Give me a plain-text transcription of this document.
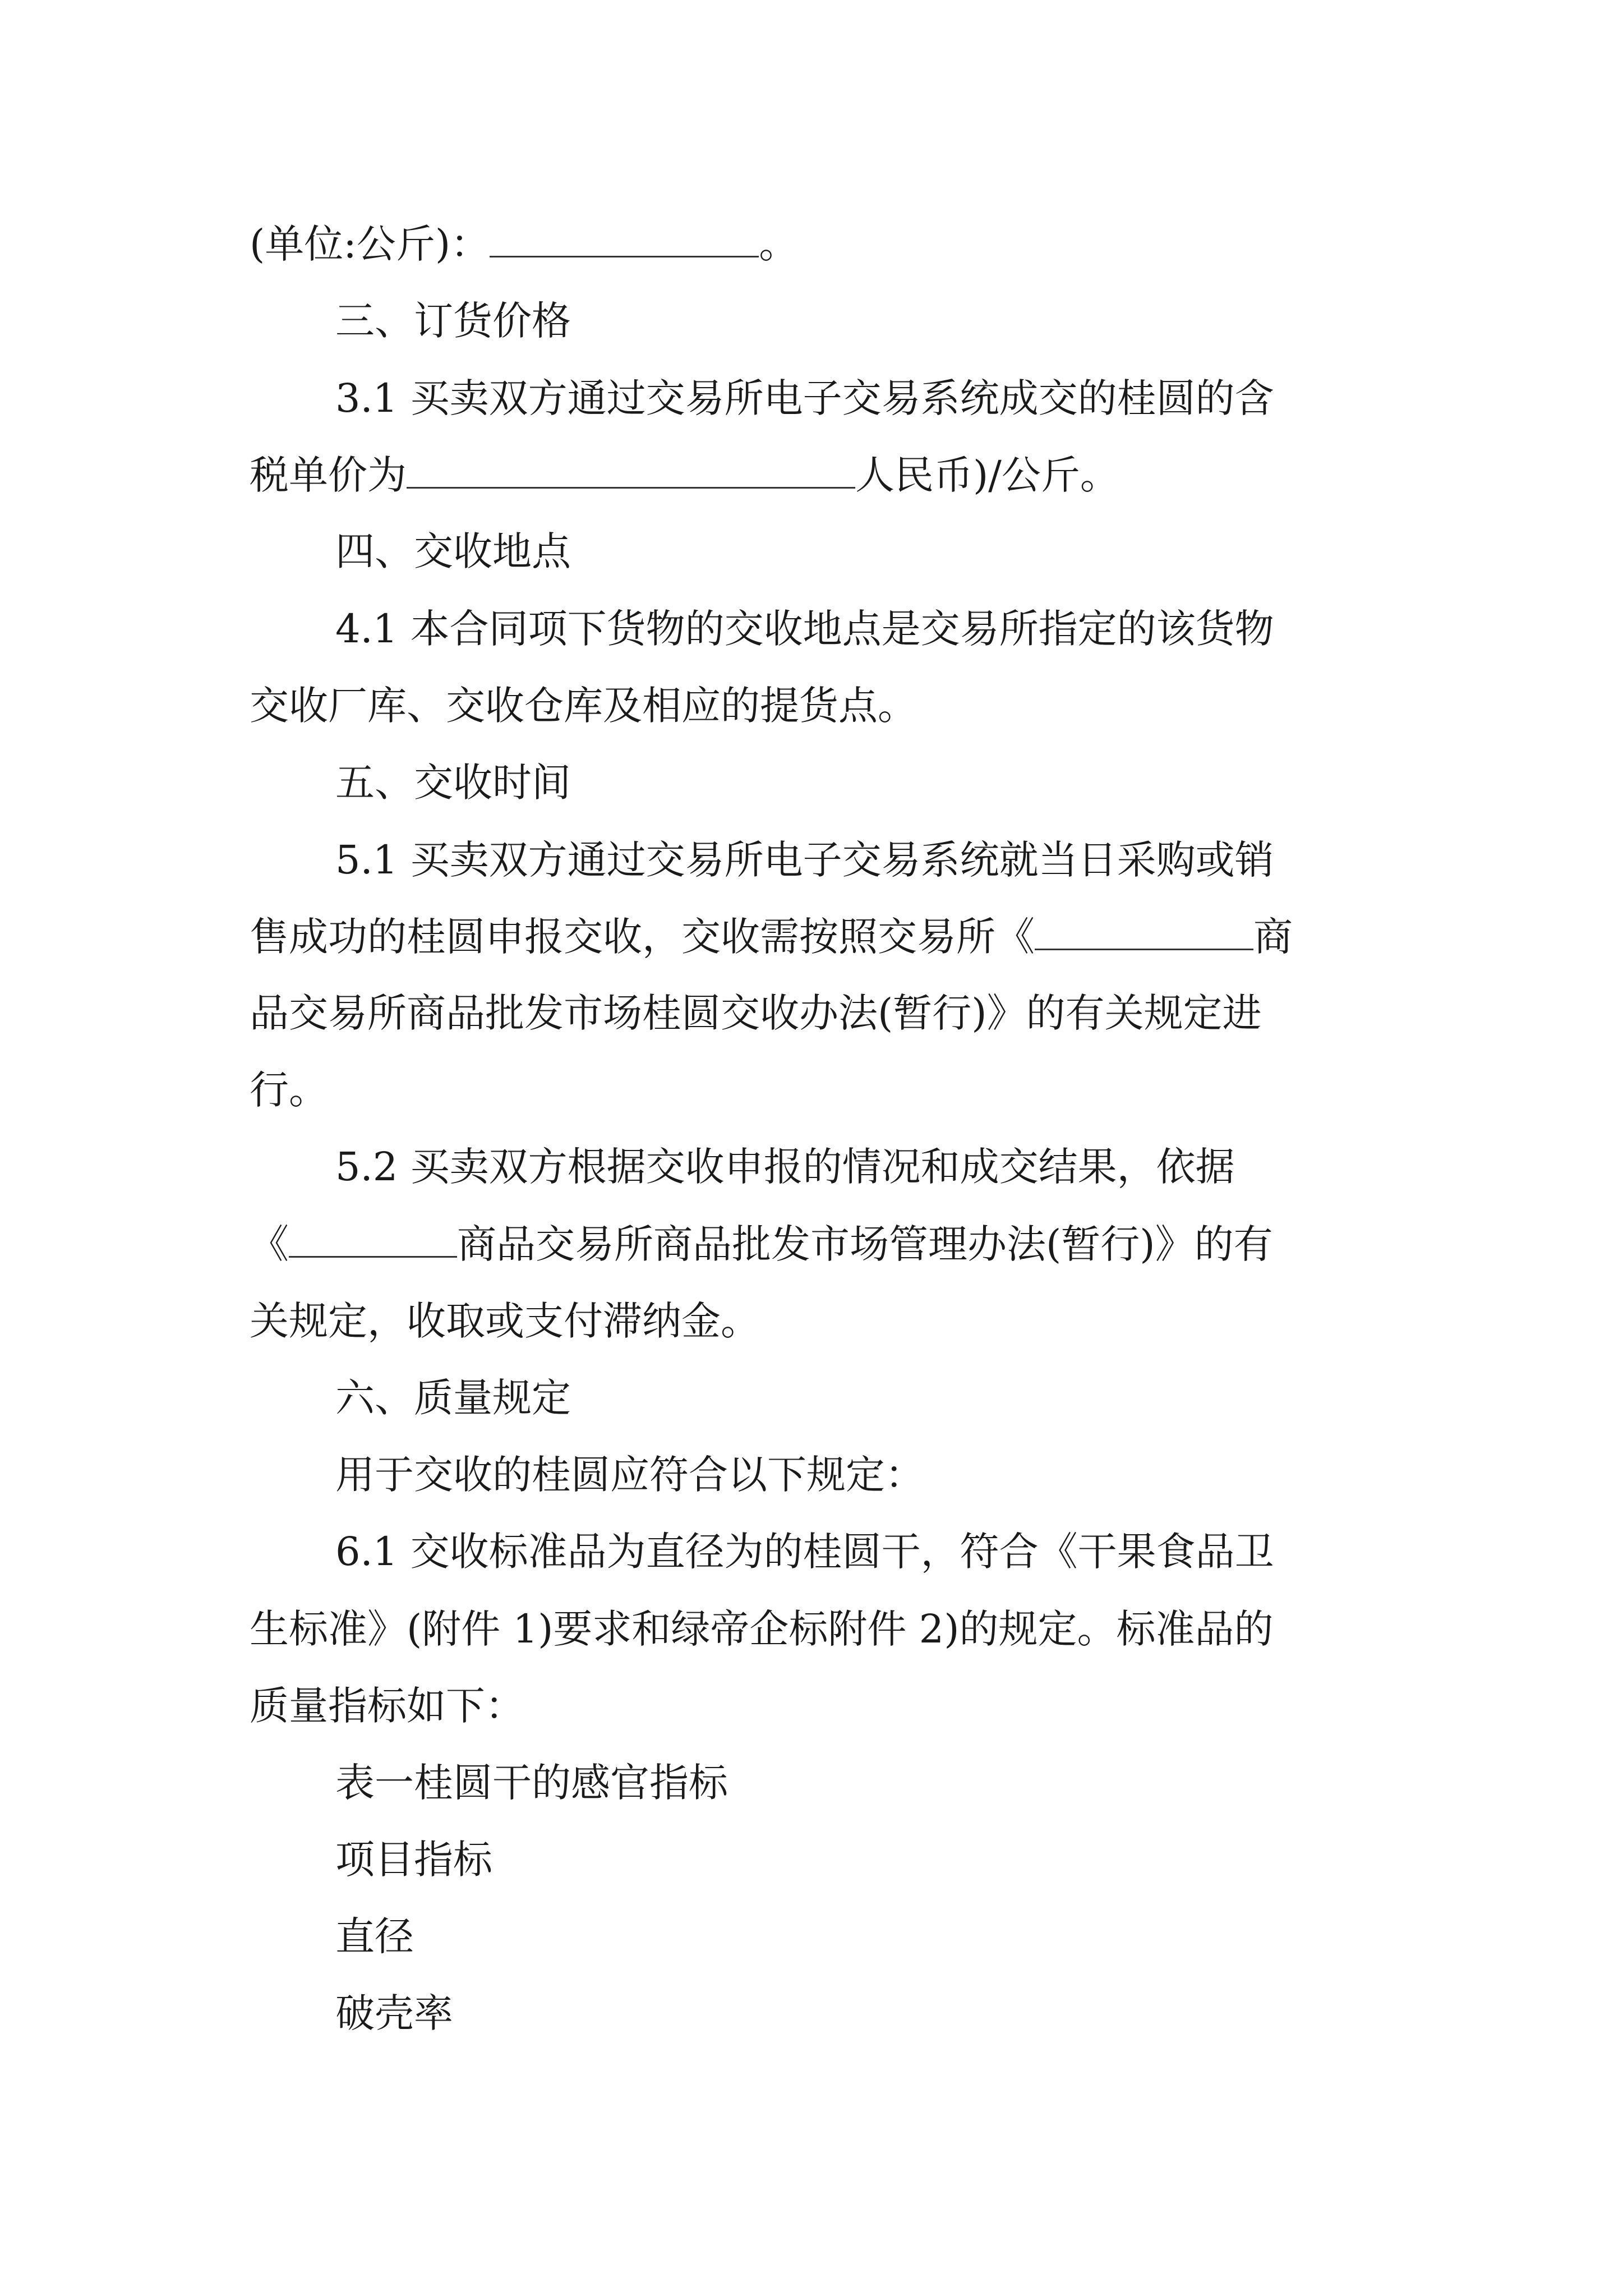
(单位:公斤)：	。
三、订货价格
3.1 买卖双方通过交易所电子交易系统成交的桂圆的含
税单价为	人民币)/公斤。
四、交收地点
4.1 本合同项下货物的交收地点是交易所指定的该货物
交收厂库、交收仓库及相应的提货点。
五、交收时间
5.1 买卖双方通过交易所电子交易系统就当日采购或销
售成功的桂圆申报交收，交收需按照交易所《	商
品交易所商品批发市场桂圆交收办法(暂行)》的有关规定进
行。
5.2 买卖双方根据交收申报的情况和成交结果，依据
《	商品交易所商品批发市场管理办法(暂行)》的有
关规定，收取或支付滞纳金。
六、质量规定
用于交收的桂圆应符合以下规定：
6.1 交收标准品为直径为的桂圆干，符合《干果食品卫
生标准》(附件 1)要求和绿帝企标附件 2)的规定。标准品的
质量指标如下：
表一桂圆干的感官指标
项目指标
直径
破壳率
